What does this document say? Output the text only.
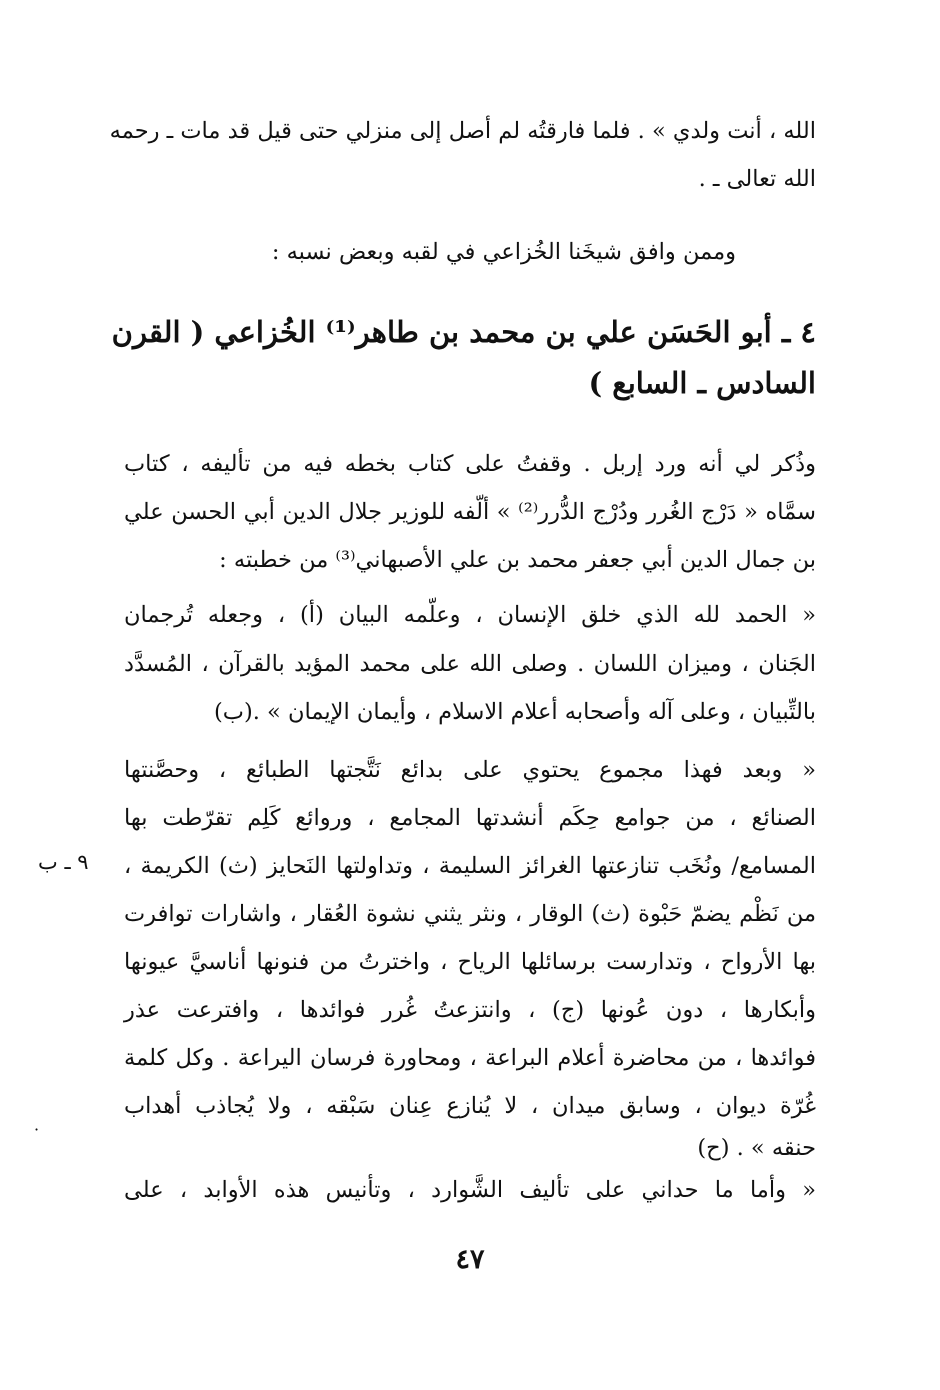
الله ، أنت ولدي » . فلما فارقتُه لم أصل إلى منزلي حتى قيل قد مات ـ رحمه
الله تعالى ـ .
وممن وافق شيخَنا الخُزاعي في لقبه وبعض نسبه :
٤ ـ أبو الحَسَن علي بن محمد بن طاهر⁽¹⁾ الخُزاعي ( القرن
السادس ـ السابع )
وذُكر لي أنه ورد إربل . وقفتُ على كتاب بخطه فيه من تأليفه ، كتاب
سمَّاه « دَرْج الغُرر ودُرْج الدُّرر⁽²⁾ » ألّفه للوزير جلال الدين أبي الحسن علي
بن جمال الدين أبي جعفر محمد بن علي الأصبهاني⁽³⁾ من خطبته :
« الحمد لله الذي خلق الإنسان ، وعلّمه البيان (أ) ، وجعله تُرجمان
الجَنان ، وميزان اللسان . وصلى الله على محمد المؤيد بالقرآن ، المُسدَّد
بالتِّبيان ، وعلى آله وأصحابه أعلام الاسلام ، وأيمان الإيمان » .(ب)
« وبعد فهذا مجموع يحتوي على بدائع نَتَّجتها الطبائع ، وحصَّنتها
الصنائع ، من جوامع حِكَم أنشدتها المجامع ، وروائع كَلِم تقرّطت بها
المسامع/ ونُخَب تنازعتها الغرائز السليمة ، وتداولتها النَحايز (ث) الكريمة ،
من نَظْم يضمّ حَبْوة (ث) الوقار ، ونثر يثني نشوة العُقار ، واشارات توافرت
بها الأرواح ، وتدارست برسائلها الرياح ، واخترتُ من فنونها أناسيَّ عيونها
وأبكارها ، دون عُونها (ج) ، وانتزعتُ غُرر فوائدها ، وافترعت عذر
فوائدها ، من محاضرة أعلام البراعة ، ومحاورة فرسان اليراعة . وكل كلمة
غُرّة ديوان ، وسابق ميدان ، لا يُنازع عِنان سَبْقه ، ولا يُجاذب أهداب
حنقه » . (ح)
« وأما ما حداني على تأليف الشَّوارد ، وتأنيس هذه الأوابد ، على
٩ ـ ب
·
٤٧
